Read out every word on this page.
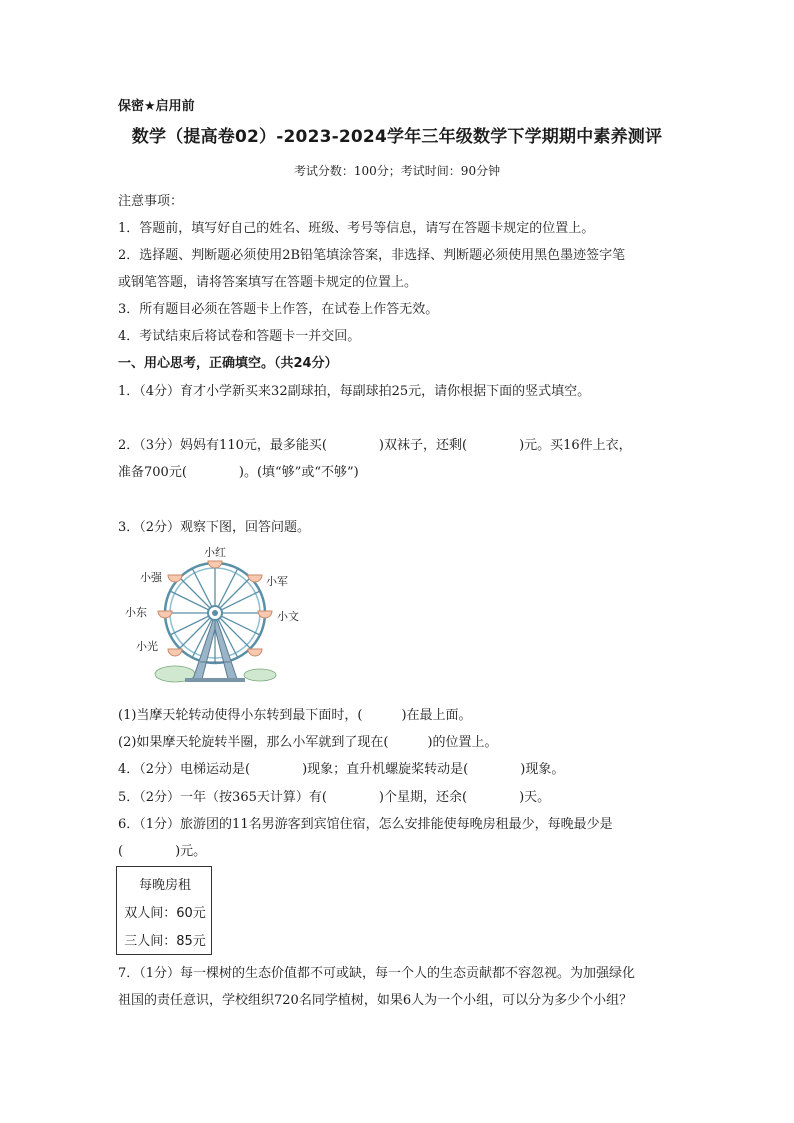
保密★启用前
数学（提高卷02）-2023-2024学年三年级数学下学期期中素养测评
考试分数：100分；考试时间：90分钟
注意事项：
1．答题前，填写好自己的姓名、班级、考号等信息，请写在答题卡规定的位置上。
2．选择题、判断题必须使用2B铅笔填涂答案，非选择、判断题必须使用黑色墨迹签字笔
或钢笔答题，请将答案填写在答题卡规定的位置上。
3．所有题目必须在答题卡上作答，在试卷上作答无效。
4．考试结束后将试卷和答题卡一并交回。
一、用心思考，正确填空。（共24分）
1．（4分）育才小学新买来32副球拍，每副球拍25元，请你根据下面的竖式填空。
2．（3分）妈妈有110元，最多能买(　　　　)双袜子，还剩(　　　　)元。买16件上衣，
准备700元(　　　　)。(填“够”或“不够”)
3．（2分）观察下图，回答问题。
小红
小强	小军
小东	小文
小光
(1)当摩天轮转动使得小东转到最下面时，(　　　)在最上面。
(2)如果摩天轮旋转半圈，那么小军就到了现在(　　　)的位置上。
4．（2分）电梯运动是(　　　　)现象；直升机螺旋桨转动是(　　　　)现象。
5．（2分）一年（按365天计算）有(　　　　)个星期，还余(　　　　)天。
6．（1分）旅游团的11名男游客到宾馆住宿，怎么安排能使每晚房租最少，每晚最少是
(　　　　)元。
每晚房租
双人间：60元
三人间：85元
7．（1分）每一棵树的生态价值都不可或缺，每一个人的生态贡献都不容忽视。为加强绿化
祖国的责任意识，学校组织720名同学植树，如果6人为一个小组，可以分为多少个小组？
